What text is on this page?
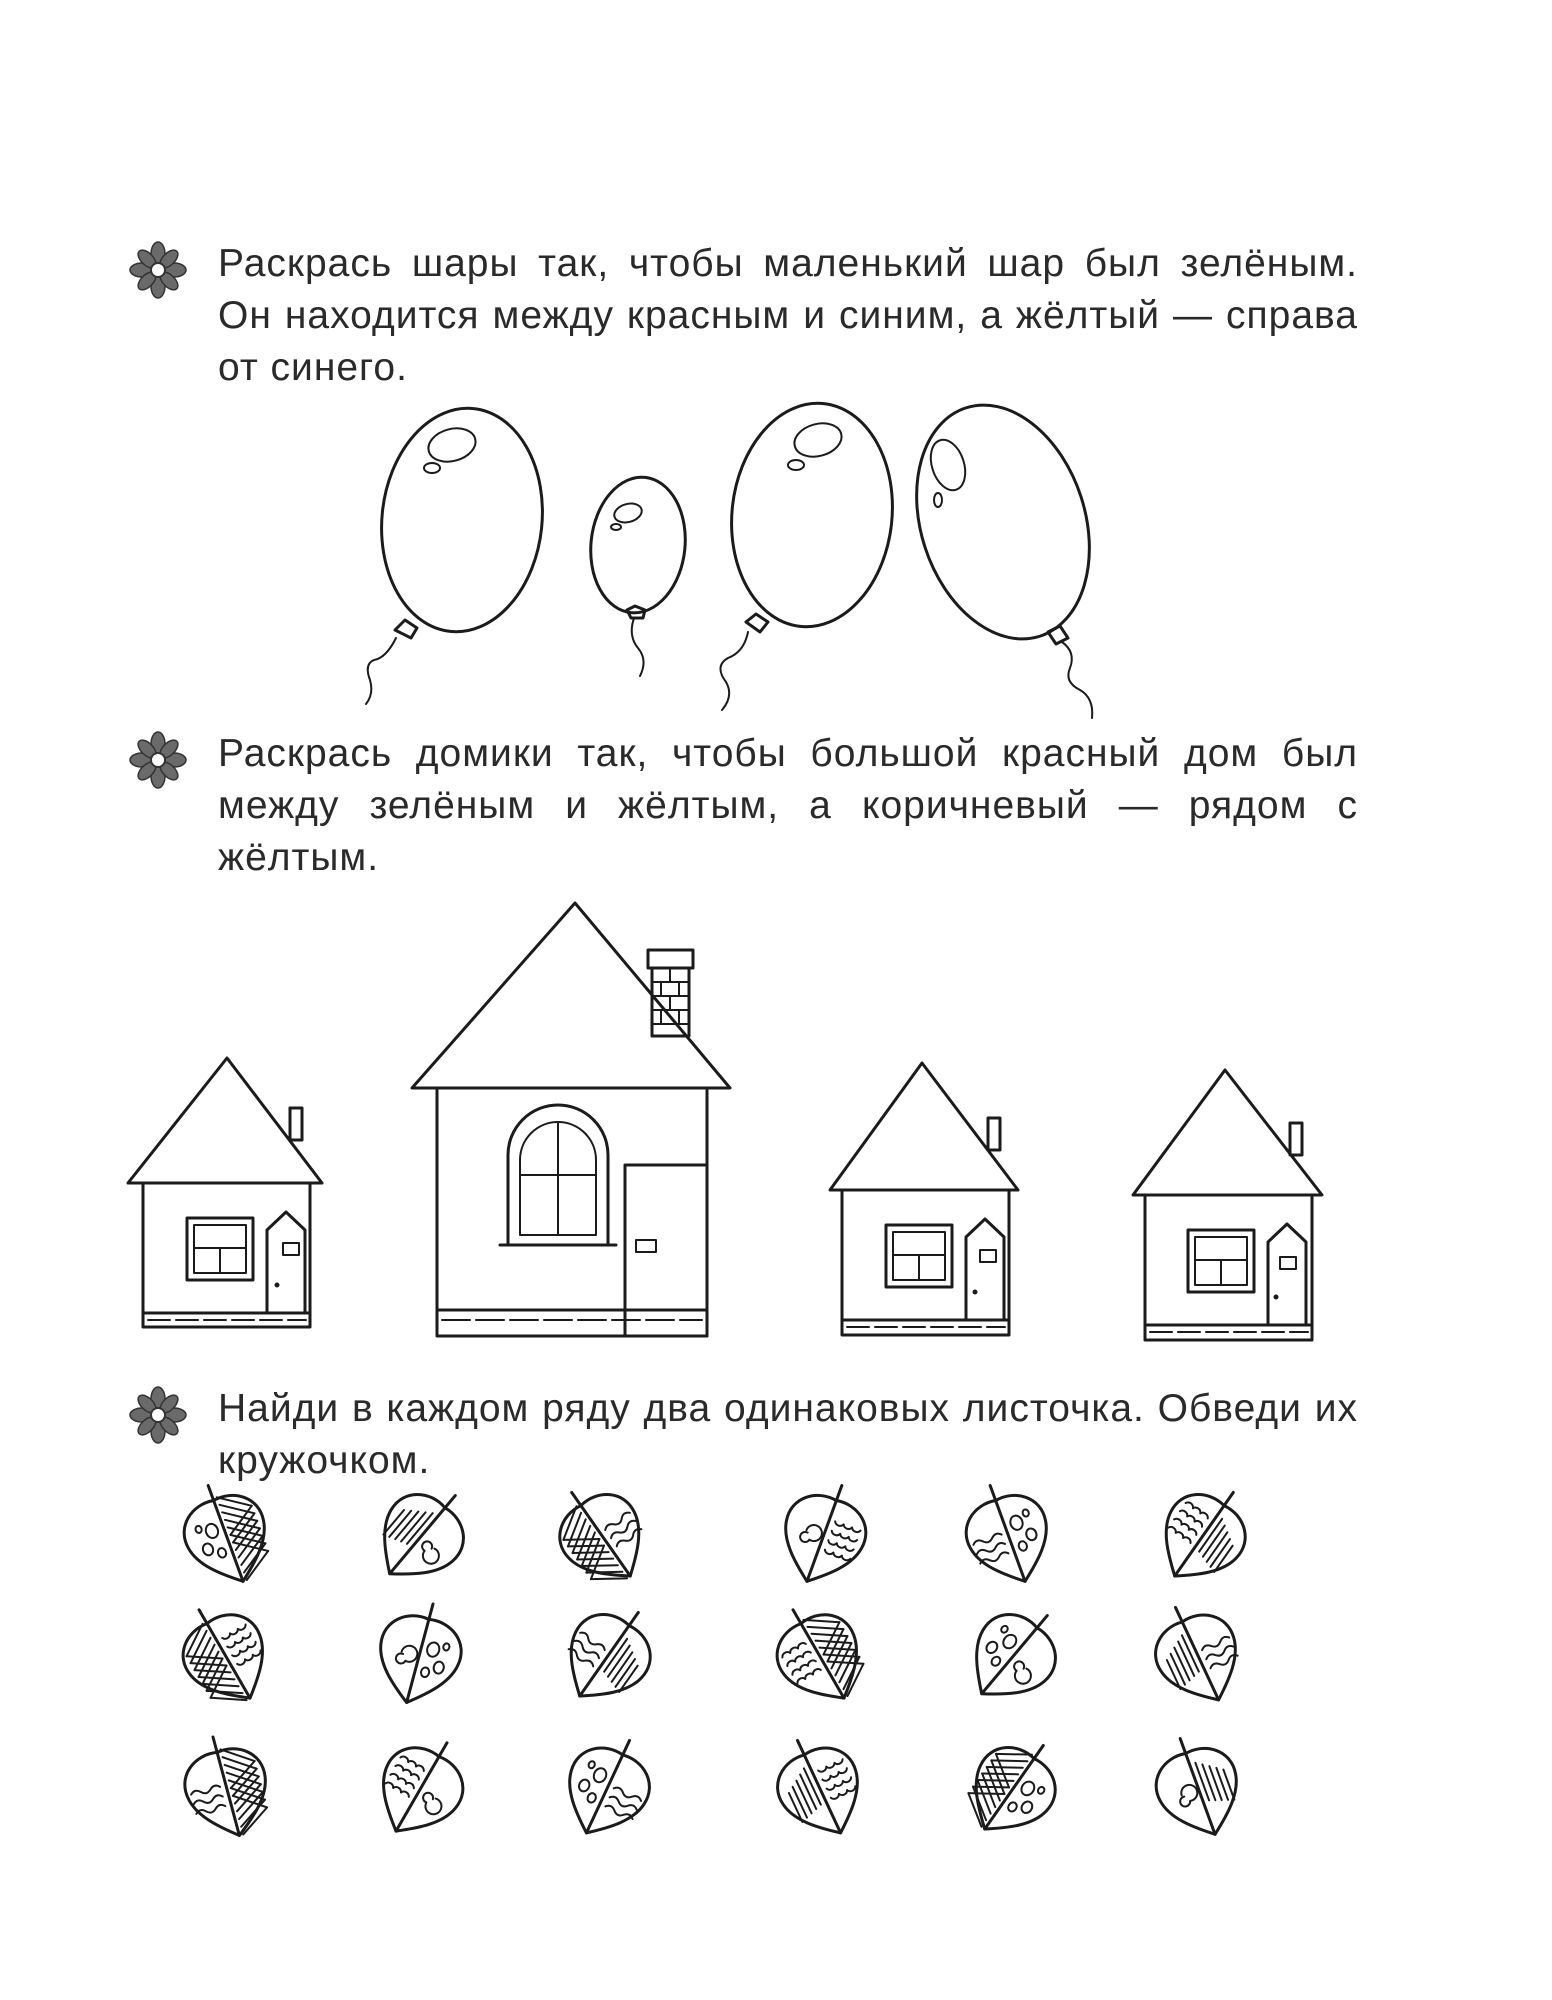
Раскрась шары так, чтобы маленький шар был зелёным. Он находится между красным и синим, а жёлтый — справа от синего.
Раскрась домики так, чтобы большой красный дом был между зелёным и жёлтым, а коричневый — рядом с жёлтым.
Найди в каждом ряду два одинаковых листочка. Обведи их кружочком.
